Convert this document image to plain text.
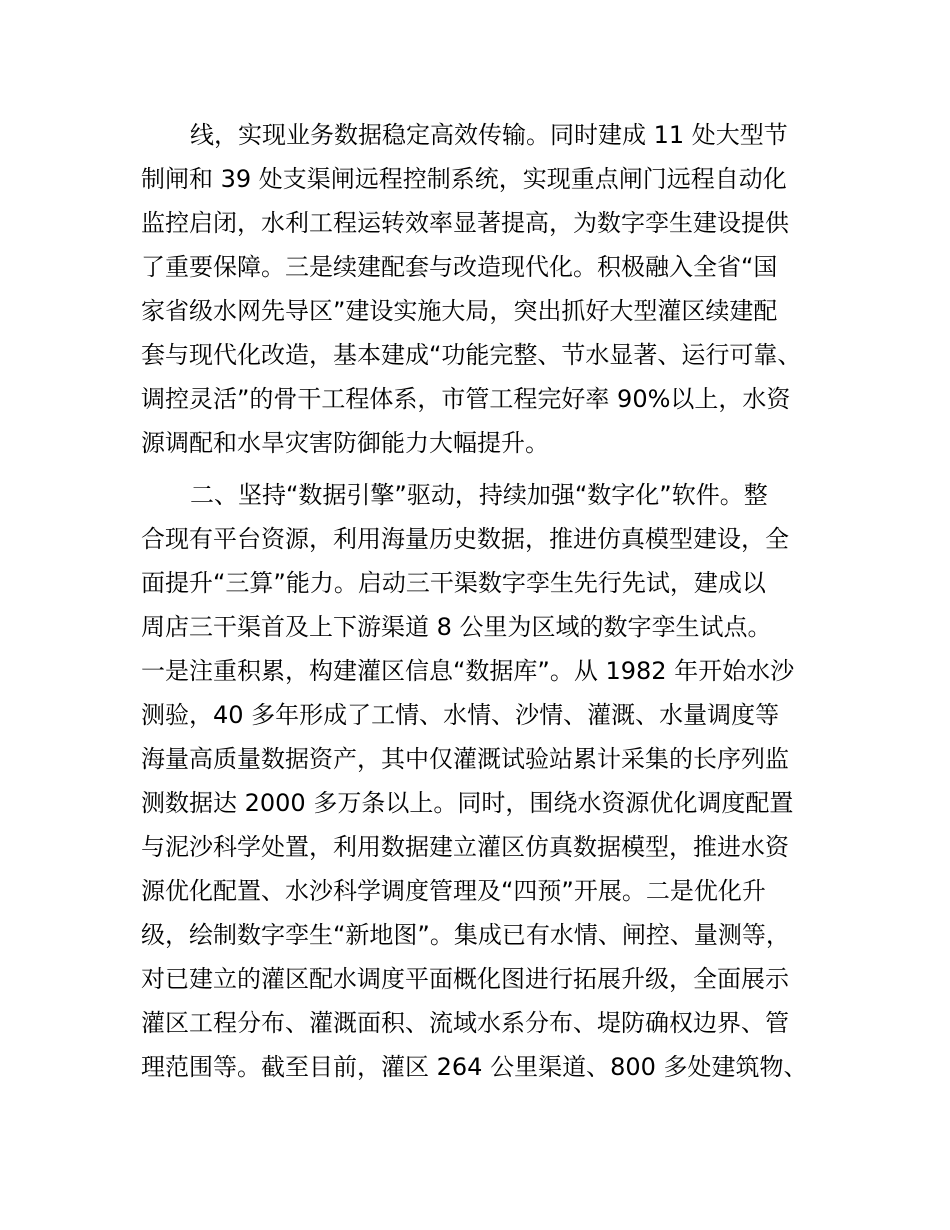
线，实现业务数据稳定高效传输。同时建成 11 处大型节
制闸和 39 处支渠闸远程控制系统，实现重点闸门远程自动化
监控启闭，水利工程运转效率显著提高，为数字孪生建设提供
了重要保障。三是续建配套与改造现代化。积极融入全省“国
家省级水网先导区”建设实施大局，突出抓好大型灌区续建配
套与现代化改造，基本建成“功能完整、节水显著、运行可靠、
调控灵活”的骨干工程体系，市管工程完好率 90%以上，水资
源调配和水旱灾害防御能力大幅提升。
二、坚持“数据引擎”驱动，持续加强“数字化”软件。整
合现有平台资源，利用海量历史数据，推进仿真模型建设，全
面提升“三算”能力。启动三干渠数字孪生先行先试，建成以
周店三干渠首及上下游渠道 8 公里为区域的数字孪生试点。
一是注重积累，构建灌区信息“数据库”。从 1982 年开始水沙
测验，40 多年形成了工情、水情、沙情、灌溉、水量调度等
海量高质量数据资产，其中仅灌溉试验站累计采集的长序列监
测数据达 2000 多万条以上。同时，围绕水资源优化调度配置
与泥沙科学处置，利用数据建立灌区仿真数据模型，推进水资
源优化配置、水沙科学调度管理及“四预”开展。二是优化升
级，绘制数字孪生“新地图”。集成已有水情、闸控、量测等，
对已建立的灌区配水调度平面概化图进行拓展升级，全面展示
灌区工程分布、灌溉面积、流域水系分布、堤防确权边界、管
理范围等。截至目前，灌区 264 公里渠道、800 多处建筑物、
